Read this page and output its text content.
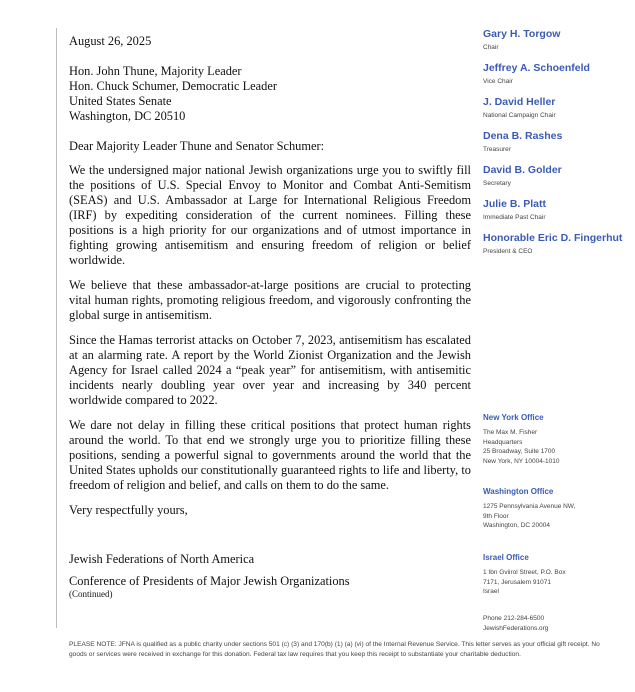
August 26, 2025
Hon. John Thune, Majority Leader
Hon. Chuck Schumer, Democratic Leader
United States Senate
Washington, DC 20510
Dear Majority Leader Thune and Senator Schumer:

We the undersigned major national Jewish organizations urge you to swiftly fill the positions of U.S. Special Envoy to Monitor and Combat Anti-Semitism (SEAS) and U.S. Ambassador at Large for International Religious Freedom (IRF) by expediting consideration of the current nominees. Filling these positions is a high priority for our organizations and of utmost importance in fighting growing antisemitism and ensuring freedom of religion or belief worldwide.

We believe that these ambassador-at-large positions are crucial to protecting vital human rights, promoting religious freedom, and vigorously confronting the global surge in antisemitism.

Since the Hamas terrorist attacks on October 7, 2023, antisemitism has escalated at an alarming rate. A report by the World Zionist Organization and the Jewish Agency for Israel called 2024 a “peak year” for antisemitism, with antisemitic incidents nearly doubling year over year and increasing by 340 percent worldwide compared to 2022.

We dare not delay in filling these critical positions that protect human rights around the world. To that end we strongly urge you to prioritize filling these positions, sending a powerful signal to governments around the world that the United States upholds our constitutionally guaranteed rights to life and liberty, to freedom of religion and belief, and calls on them to do the same.

Very respectfully yours,
Jewish Federations of North America
Conference of Presidents of Major Jewish Organizations
(Continued)
Gary H. Torgow
Chair
Jeffrey A. Schoenfeld
Vice Chair
J. David Heller
National Campaign Chair
Dena B. Rashes
Treasurer
David B. Golder
Secretary
Julie B. Platt
Immediate Past Chair
Honorable Eric D. Fingerhut
President & CEO
New York Office
The Max M. Fisher
Headquarters
25 Broadway, Suite 1700
New York, NY 10004-1010
Washington Office
1275 Pennsylvania Avenue NW,
9th Floor
Washington, DC 20004
Israel Office
1 Ibn Gviirol Street, P.O. Box
7171, Jerusalem 91071
Israel
Phone 212-284-6500
JewishFederations.org
PLEASE NOTE: JFNA is qualified as a public charity under sections 501 (c) (3) and 170(b) (1) (a) (vi) of the Internal Revenue Service. This letter serves as your official gift receipt. No goods or services were received in exchange for this donation. Federal tax law requires that you keep this receipt to substantiate your charitable deduction.
